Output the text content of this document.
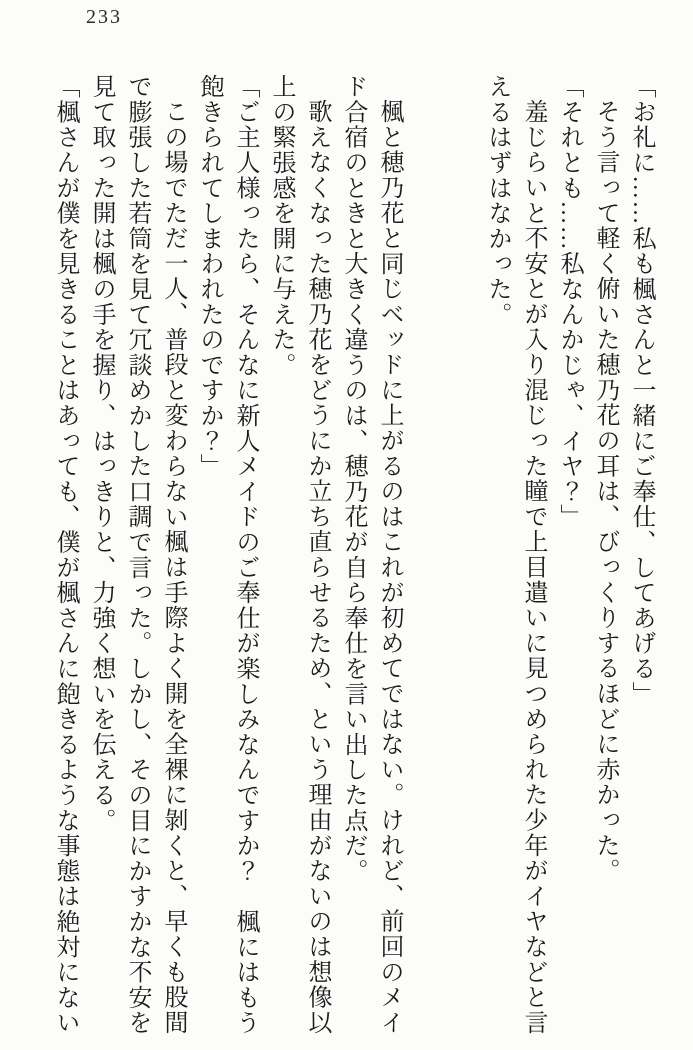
233

「お礼に……私も楓さんと一緒にご奉仕、してあげる」

そう言って軽く俯いた穂乃花の耳は、びっくりするほどに赤かった。

「それとも……私なんかじゃ、イヤ？」

羞じらいと不安とが入り混じった瞳で上目遣いに見つめられた少年がイヤなどと言

えるはずはなかった。

楓と穂乃花と同じベッドに上がるのはこれが初めてではない。けれど、前回のメイ

ド合宿のときと大きく違うのは、穂乃花が自ら奉仕を言い出した点だ。

歌えなくなった穂乃花をどうにか立ち直らせるため、という理由がないのは想像以

上の緊張感を開に与えた。

「ご主人様ったら、そんなに新人メイドのご奉仕が楽しみなんですか？　楓にはもう

飽きられてしまわれたのですか？」

この場でただ一人、普段と変わらない楓は手際よく開を全裸に剝くと、早くも股間

で膨張した若筒を見て冗談めかした口調で言った。しかし、その目にかすかな不安を

見て取った開は楓の手を握り、はっきりと、力強く想いを伝える。

「楓さんが僕を見きることはあっても、僕が楓さんに飽きるような事態は絶対にない
